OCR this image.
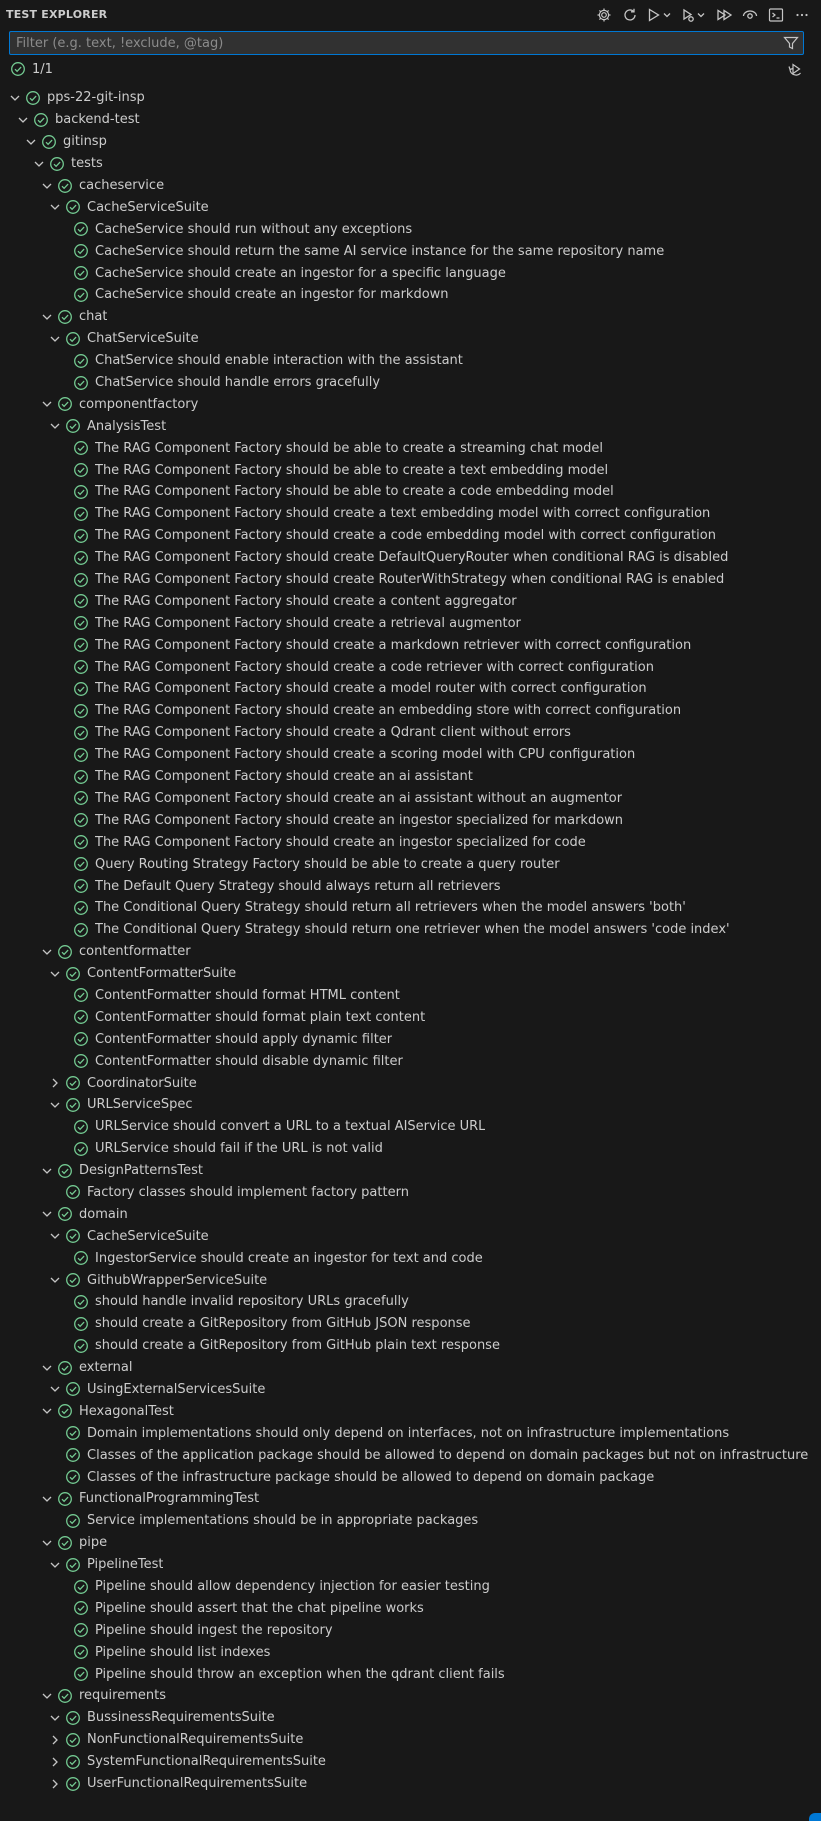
TEST EXPLORER
Filter (e.g. text, !exclude, @tag)
1/1
pps-22-git-insp
backend-test
gitinsp
tests
cacheservice
CacheServiceSuite
CacheService should run without any exceptions
CacheService should return the same AI service instance for the same repository name
CacheService should create an ingestor for a specific language
CacheService should create an ingestor for markdown
chat
ChatServiceSuite
ChatService should enable interaction with the assistant
ChatService should handle errors gracefully
componentfactory
AnalysisTest
The RAG Component Factory should be able to create a streaming chat model
The RAG Component Factory should be able to create a text embedding model
The RAG Component Factory should be able to create a code embedding model
The RAG Component Factory should create a text embedding model with correct configuration
The RAG Component Factory should create a code embedding model with correct configuration
The RAG Component Factory should create DefaultQueryRouter when conditional RAG is disabled
The RAG Component Factory should create RouterWithStrategy when conditional RAG is enabled
The RAG Component Factory should create a content aggregator
The RAG Component Factory should create a retrieval augmentor
The RAG Component Factory should create a markdown retriever with correct configuration
The RAG Component Factory should create a code retriever with correct configuration
The RAG Component Factory should create a model router with correct configuration
The RAG Component Factory should create an embedding store with correct configuration
The RAG Component Factory should create a Qdrant client without errors
The RAG Component Factory should create a scoring model with CPU configuration
The RAG Component Factory should create an ai assistant
The RAG Component Factory should create an ai assistant without an augmentor
The RAG Component Factory should create an ingestor specialized for markdown
The RAG Component Factory should create an ingestor specialized for code
Query Routing Strategy Factory should be able to create a query router
The Default Query Strategy should always return all retrievers
The Conditional Query Strategy should return all retrievers when the model answers 'both'
The Conditional Query Strategy should return one retriever when the model answers 'code index'
contentformatter
ContentFormatterSuite
ContentFormatter should format HTML content
ContentFormatter should format plain text content
ContentFormatter should apply dynamic filter
ContentFormatter should disable dynamic filter
CoordinatorSuite
URLServiceSpec
URLService should convert a URL to a textual AIService URL
URLService should fail if the URL is not valid
DesignPatternsTest
Factory classes should implement factory pattern
domain
CacheServiceSuite
IngestorService should create an ingestor for text and code
GithubWrapperServiceSuite
should handle invalid repository URLs gracefully
should create a GitRepository from GitHub JSON response
should create a GitRepository from GitHub plain text response
external
UsingExternalServicesSuite
HexagonalTest
Domain implementations should only depend on interfaces, not on infrastructure implementations
Classes of the application package should be allowed to depend on domain packages but not on infrastructure
Classes of the infrastructure package should be allowed to depend on domain package
FunctionalProgrammingTest
Service implementations should be in appropriate packages
pipe
PipelineTest
Pipeline should allow dependency injection for easier testing
Pipeline should assert that the chat pipeline works
Pipeline should ingest the repository
Pipeline should list indexes
Pipeline should throw an exception when the qdrant client fails
requirements
BussinessRequirementsSuite
NonFunctionalRequirementsSuite
SystemFunctionalRequirementsSuite
UserFunctionalRequirementsSuite
